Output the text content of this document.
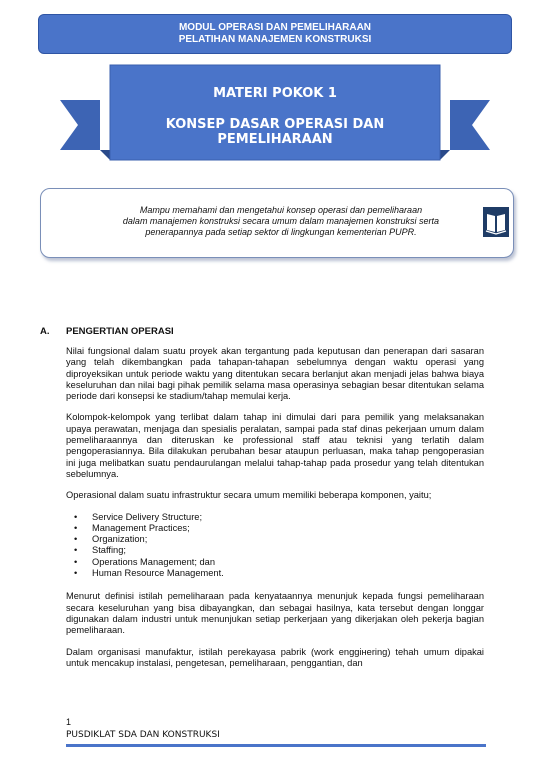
MODUL OPERASI DAN PEMELIHARAAN
PELATIHAN MANAJEMEN KONSTRUKSI
MATERI POKOK 1
KONSEP DASAR OPERASI DAN PEMELIHARAAN
Mampu memahami dan mengetahui konsep operasi dan pemeliharaan
dalam manajemen konstruksi secara umum dalam manajemen konstruksi serta
penerapannya pada setiap sektor di lingkungan kementerian PUPR.
A. PENGERTIAN OPERASI

Nilai fungsional dalam suatu proyek akan tergantung pada keputusan dan penerapan dari sasaran yang telah dikembangkan pada tahapan-tahapan sebelumnya dengan waktu operasi yang diproyeksikan untuk periode waktu yang ditentukan secara berlanjut akan menjadi jelas bahwa biaya keseluruhan dan nilai bagi pihak pemilik selama masa operasinya sebagian besar ditentukan selama periode dari konsepsi ke stadium/tahap memulai kerja.

Kolompok-kelompok yang terlibat dalam tahap ini dimulai dari para pemilik yang melaksanakan upaya perawatan, menjaga dan spesialis peralatan, sampai pada staf dinas pekerjaan umum dalam pemeliharaannya dan diteruskan ke professional staff atau teknisi yang terlatih dalam pengoperasiannya. Bila dilakukan perubahan besar ataupun perluasan, maka tahap pengoperasian ini juga melibatkan suatu pendaurulangan melalui tahap-tahap pada prosedur yang telah ditentukan sebelumnya.

Operasional dalam suatu infrastruktur secara umum memiliki beberapa komponen, yaitu;

• Service Delivery Structure;
• Management Practices;
• Organization;
• Staffing;
• Operations Management; dan
• Human Resource Management.

Menurut definisi istilah pemeliharaan pada kenyataannya menunjuk kepada fungsi pemeliharaan secara keseluruhan yang bisa dibayangkan, dan sebagai hasilnya, kata tersebut dengan longgar digunakan dalam industri untuk menunjukan setiap perkerjaan yang dikerjakan oleh pekerja bagian pemeliharaan.

Dalam organisasi manufaktur, istilah perekayasa pabrik (work enggінering) tehah umum dipakai untuk mencakup instalasi, pengetesan, pemeliharaan, penggantian, dan

1
PUSDIKLAT SDA DAN KONSTRUKSI
